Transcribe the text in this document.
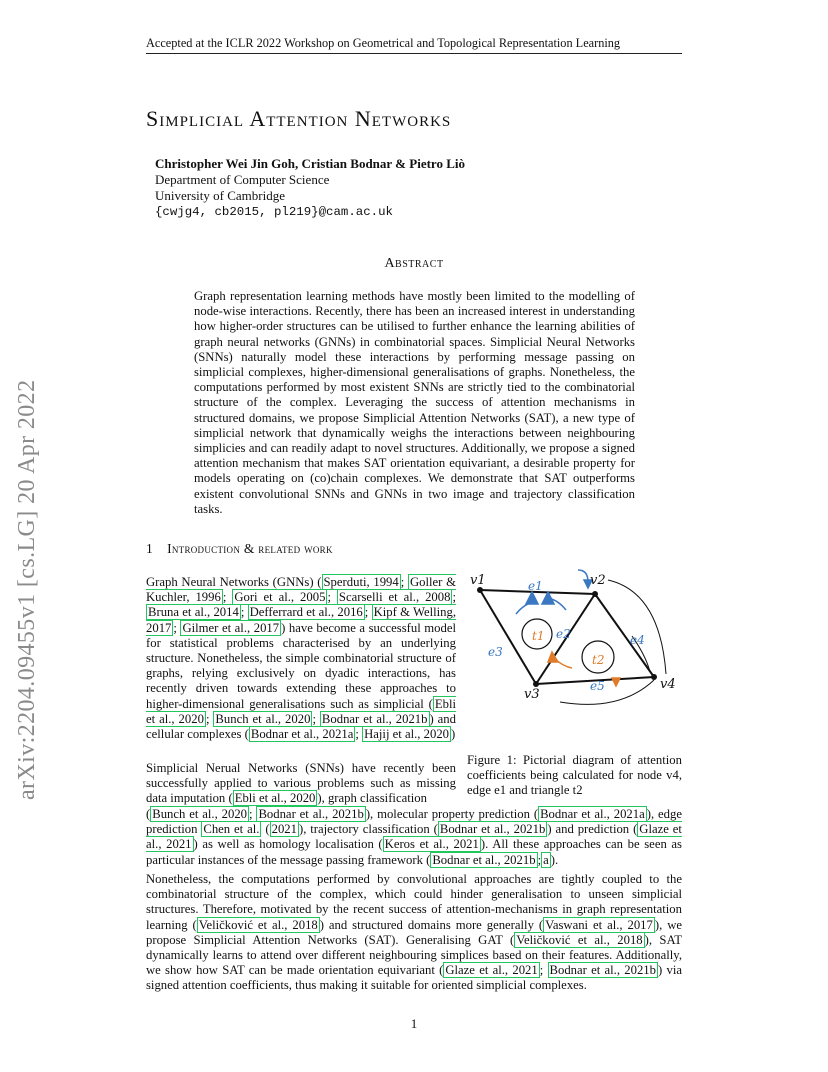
Accepted at the ICLR 2022 Workshop on Geometrical and Topological Representation Learning
arXiv:2204.09455v1 [cs.LG] 20 Apr 2022
Simplicial Attention Networks
Christopher Wei Jin Goh, Cristian Bodnar & Pietro Liò
Department of Computer Science
University of Cambridge
{cwjg4, cb2015, pl219}@cam.ac.uk
Abstract
Graph representation learning methods have mostly been limited to the modelling of node-wise interactions. Recently, there has been an increased interest in understanding how higher-order structures can be utilised to further enhance the learning abilities of graph neural networks (GNNs) in combinatorial spaces. Simplicial Neural Networks (SNNs) naturally model these interactions by performing message passing on simplicial complexes, higher-dimensional generalisations of graphs. Nonetheless, the computations performed by most existent SNNs are strictly tied to the combinatorial structure of the complex. Leveraging the success of attention mechanisms in structured domains, we propose Simplicial Attention Networks (SAT), a new type of simplicial network that dynamically weighs the interactions between neighbouring simplicies and can readily adapt to novel structures. Additionally, we propose a signed attention mechanism that makes SAT orientation equivariant, a desirable property for models operating on (co)chain complexes. We demonstrate that SAT outperforms existent convolutional SNNs and GNNs in two image and trajectory classification tasks.
1 Introduction & related work
Graph Neural Networks (GNNs) ( Sperduti, 1994 ; Goller & Kuchler, 1996 ; Gori et al., 2005 ; Scarselli et al., 2008 ; Bruna et al., 2014 ; Defferrard et al., 2016 ; Kipf & Welling, 2017 ; Gilmer et al., 2017 ) have become a successful model for statistical problems characterised by an underlying structure. Nonetheless, the simple combinatorial structure of graphs, relying exclusively on dyadic interactions, has recently driven towards extending these approaches to higher-dimensional generalisations such as simplicial ( Ebli et al., 2020 ; Bunch et al., 2020 ; Bodnar et al., 2021b ) and cellular complexes ( Bodnar et al., 2021a ; Hajij et al., 2020 )
Simplicial Nerual Networks (SNNs) have recently been successfully applied to various problems such as missing data imputation ( Ebli et al., 2020 ), graph classification
( Bunch et al., 2020 ; Bodnar et al., 2021b ), molecular property prediction ( Bodnar et al., 2021a ), edge prediction Chen et al. ( 2021 ), trajectory classification ( Bodnar et al., 2021b ) and prediction ( Glaze et al., 2021 ) as well as homology localisation ( Keros et al., 2021 ). All these approaches can be seen as particular instances of the message passing framework ( Bodnar et al., 2021b ; a ).
Nonetheless, the computations performed by convolutional approaches are tightly coupled to the combinatorial structure of the complex, which could hinder generalisation to unseen simplicial structures. Therefore, motivated by the recent success of attention-mechanisms in graph representation learning ( Veličković et al., 2018 ) and structured domains more generally ( Vaswani et al., 2017 ), we propose Simplicial Attention Networks (SAT). Generalising GAT ( Veličković et al., 2018 ), SAT dynamically learns to attend over different neighbouring simplices based on their features. Additionally, we show how SAT can be made orientation equivariant ( Glaze et al., 2021 ; Bodnar et al., 2021b ) via signed attention coefficients, thus making it suitable for oriented simplicial complexes.
v1	v2
v3
v4
e1
e2
e3
e4
e5
t1
t2
Figure 1: Pictorial diagram of attention coefficients being calculated for node v4, edge e1 and triangle t2
1
